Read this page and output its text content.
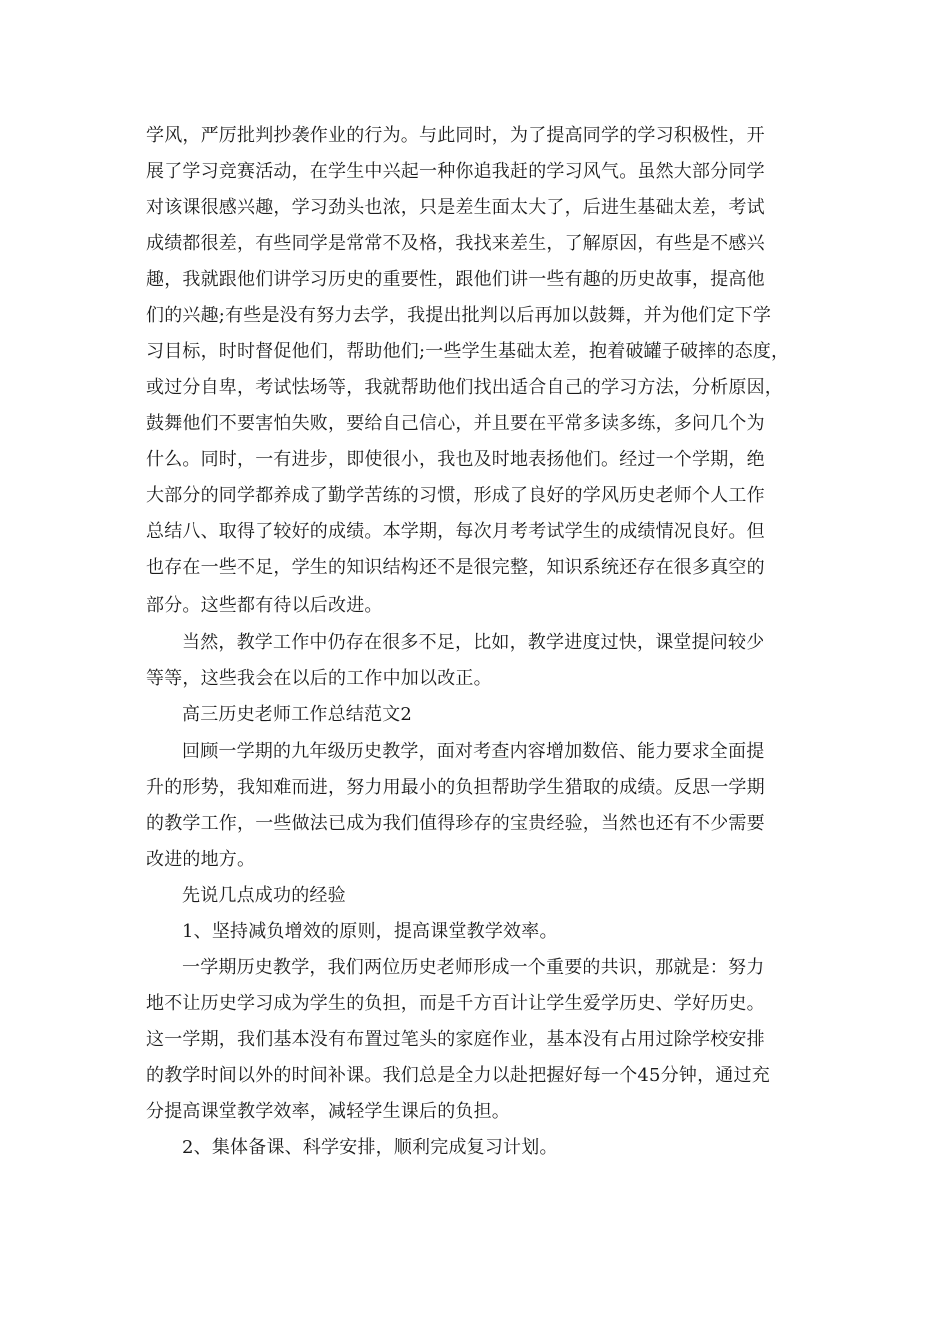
学风，严厉批判抄袭作业的行为。与此同时，为了提高同学的学习积极性，开
展了学习竞赛活动，在学生中兴起一种你追我赶的学习风气。虽然大部分同学
对该课很感兴趣，学习劲头也浓，只是差生面太大了，后进生基础太差，考试
成绩都很差，有些同学是常常不及格，我找来差生，了解原因，有些是不感兴
趣，我就跟他们讲学习历史的重要性，跟他们讲一些有趣的历史故事，提高他
们的兴趣;有些是没有努力去学，我提出批判以后再加以鼓舞，并为他们定下学
习目标，时时督促他们，帮助他们;一些学生基础太差，抱着破罐子破摔的态度，
或过分自卑，考试怯场等，我就帮助他们找出适合自己的学习方法，分析原因，
鼓舞他们不要害怕失败，要给自己信心，并且要在平常多读多练，多问几个为
什么。同时，一有进步，即使很小，我也及时地表扬他们。经过一个学期，绝
大部分的同学都养成了勤学苦练的习惯，形成了良好的学风历史老师个人工作
总结八、取得了较好的成绩。本学期，每次月考考试学生的成绩情况良好。但
也存在一些不足，学生的知识结构还不是很完整，知识系统还存在很多真空的
部分。这些都有待以后改进。
当然，教学工作中仍存在很多不足，比如，教学进度过快，课堂提问较少
等等，这些我会在以后的工作中加以改正。
高三历史老师工作总结范文2
回顾一学期的九年级历史教学，面对考查内容增加数倍、能力要求全面提
升的形势，我知难而进，努力用最小的负担帮助学生猎取的成绩。反思一学期
的教学工作，一些做法已成为我们值得珍存的宝贵经验，当然也还有不少需要
改进的地方。
先说几点成功的经验
1、坚持减负增效的原则，提高课堂教学效率。
一学期历史教学，我们两位历史老师形成一个重要的共识，那就是：努力
地不让历史学习成为学生的负担，而是千方百计让学生爱学历史、学好历史。
这一学期，我们基本没有布置过笔头的家庭作业，基本没有占用过除学校安排
的教学时间以外的时间补课。我们总是全力以赴把握好每一个45分钟，通过充
分提高课堂教学效率，减轻学生课后的负担。
2、集体备课、科学安排，顺利完成复习计划。
